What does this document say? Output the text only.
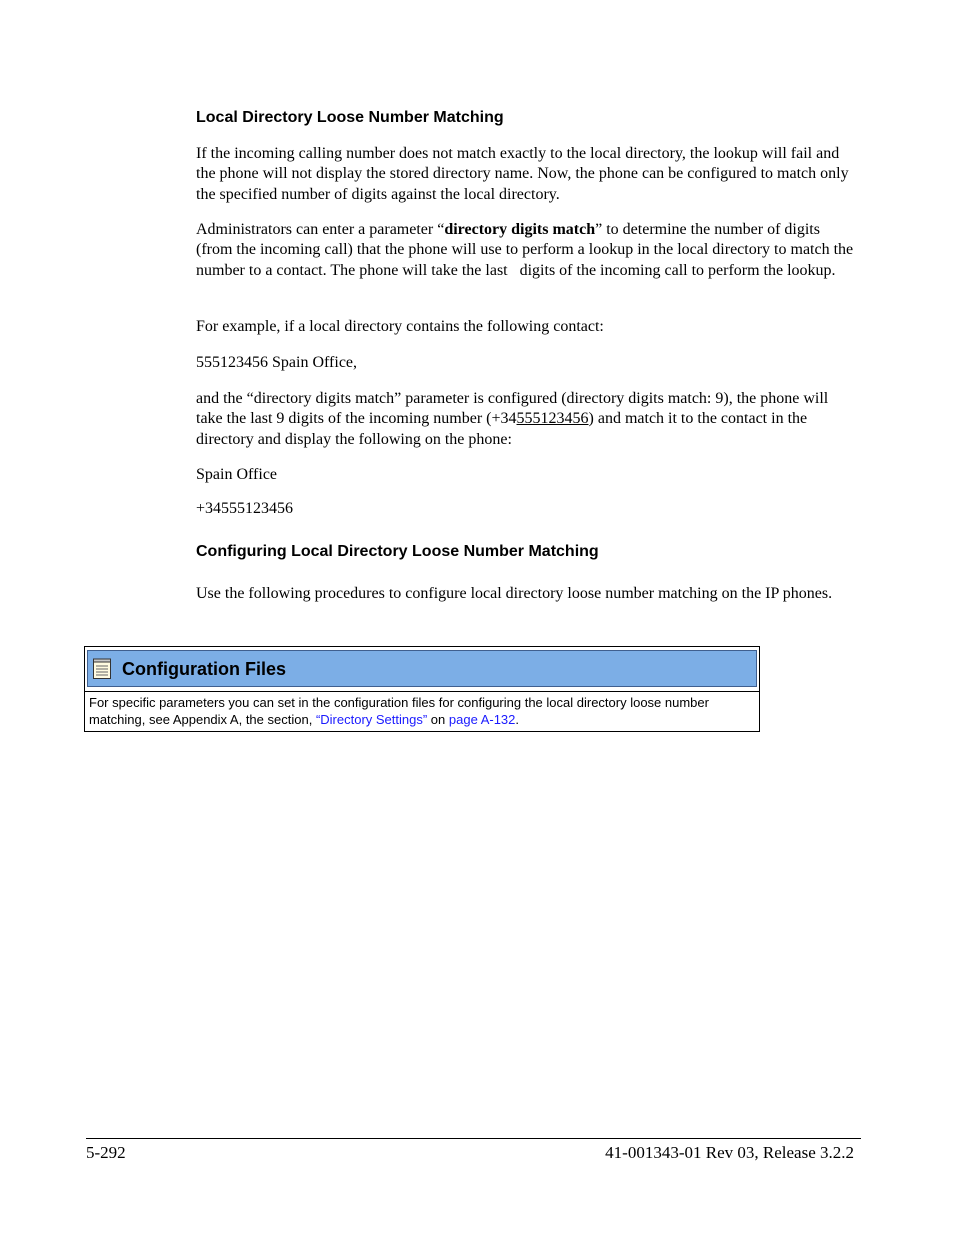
Local Directory Loose Number Matching

If the incoming calling number does not match exactly to the local directory, the lookup will fail and the phone will not display the stored directory name. Now, the phone can be configured to match only the specified number of digits against the local directory.

Administrators can enter a parameter “directory digits match” to determine the number of digits (from the incoming call) that the phone will use to perform a lookup in the local directory to match the number to a contact. The phone will take the last digits of the incoming call to perform the lookup.

For example, if a local directory contains the following contact:

555123456 Spain Office,

and the “directory digits match” parameter is configured (directory digits match: 9), the phone will take the last 9 digits of the incoming number (+34555123456) and match it to the contact in the directory and display the following on the phone:

Spain Office

+34555123456

Configuring Local Directory Loose Number Matching

Use the following procedures to configure local directory loose number matching on the IP phones.

Configuration Files
For specific parameters you can set in the configuration files for configuring the local directory loose number matching, see Appendix A, the section, “Directory Settings” on page A-132.
5-292	41-001343-01 Rev 03, Release 3.2.2
